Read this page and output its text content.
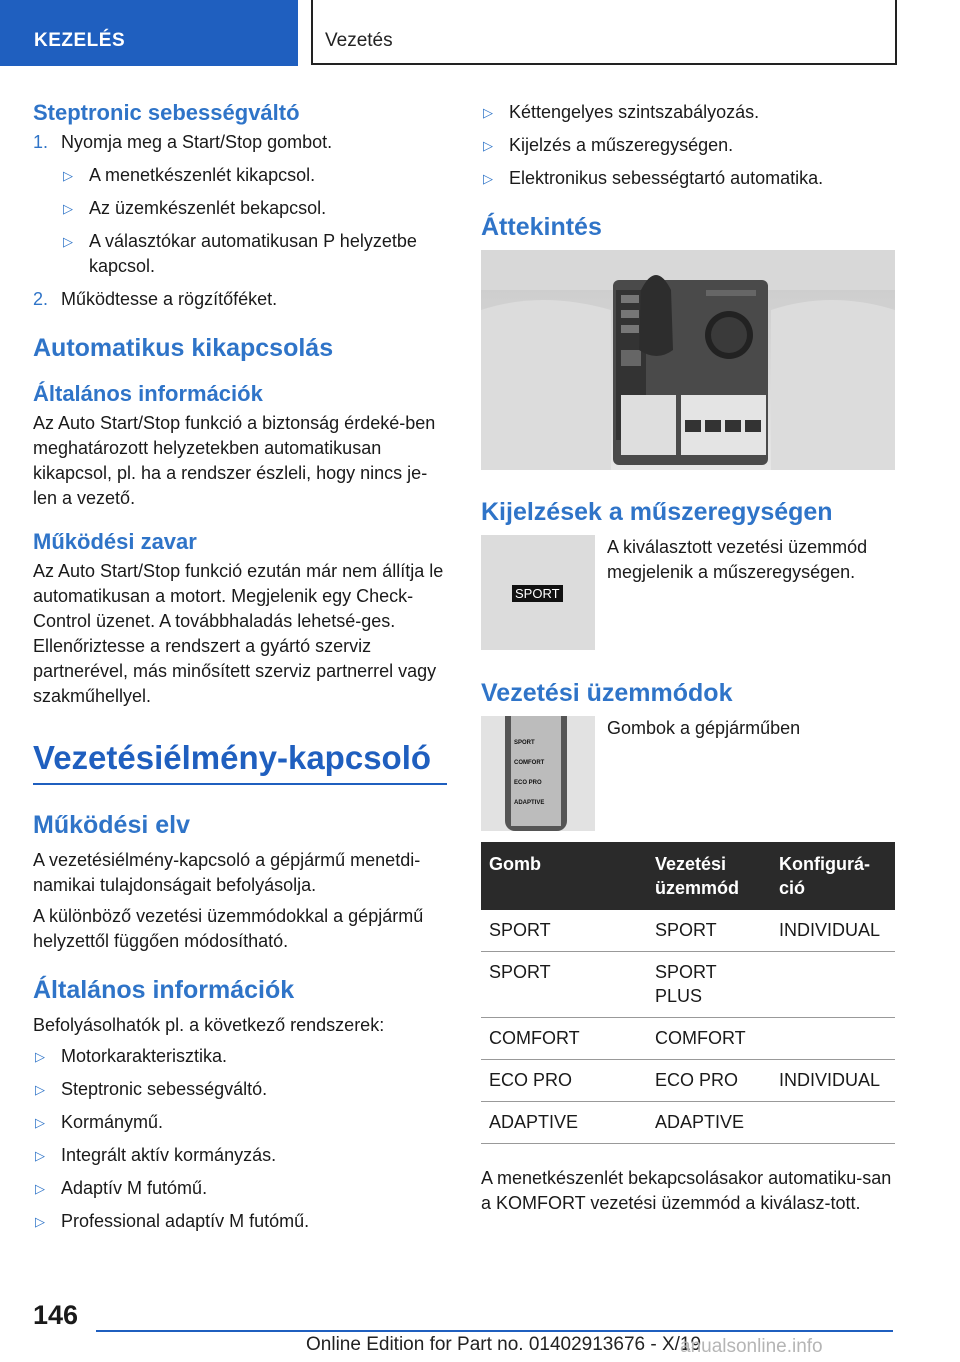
KEZELÉS	Vezetés
Steptronic sebességváltó
1. Nyomja meg a Start/Stop gombot.
▷ A menetkészenlét kikapcsol.
▷ Az üzemkészenlét bekapcsol.
▷ A választókar automatikusan P helyzetbe kapcsol.
2. Működtesse a rögzítőféket.
Automatikus kikapcsolás
Általános információk

Az Auto Start/Stop funkció a biztonság érdeké-ben meghatározott helyzetekben automatikusan kikapcsol, pl. ha a rendszer észleli, hogy nincs je-len a vezető.

Működési zavar

Az Auto Start/Stop funkció ezután már nem állítja le automatikusan a motort. Megjelenik egy Check-Control üzenet. A továbbhaladás lehetsé-ges. Ellenőriztesse a rendszert a gyártó szerviz partnerével, más minősített szerviz partnerrel vagy szakműhellyel.

Vezetésiélmény-kapcsoló
Működési elv

A vezetésiélmény-kapcsoló a gépjármű menetdi-namikai tulajdonságait befolyásolja.

A különböző vezetési üzemmódokkal a gépjármű helyzettől függően módosítható.

Általános információk

Befolyásolhatók pl. a következő rendszerek:

▷ Motorkarakterisztika.
▷ Steptronic sebességváltó.
▷ Kormánymű.
▷ Integrált aktív kormányzás.
▷ Adaptív M futómű.
▷ Professional adaptív M futómű.
▷ Kéttengelyes szintszabályozás.
▷ Kijelzés a műszeregységen.
▷ Elektronikus sebességtartó automatika.
Áttekintés
Kijelzések a műszeregységen
SPORT

A kiválasztott vezetési üzemmód megjelenik a műszeregységen.

Vezetési üzemmódok
SPORT
COMFORT
ECO PRO
ADAPTIVE

Gombok a gépjárműben

Gomb	Vezetési üzemmód	Konfigurá-ció
SPORT	SPORT	INDIVIDUAL
SPORT	SPORT PLUS	
COMFORT	COMFORT	
ECO PRO	ECO PRO	INDIVIDUAL
ADAPTIVE	ADAPTIVE	

A menetkészenlét bekapcsolásakor automatiku-san a KOMFORT vezetési üzemmód a kiválasz-tott.

146
Online Edition for Part no. 01402913676 - X/19
anualsonline.info
